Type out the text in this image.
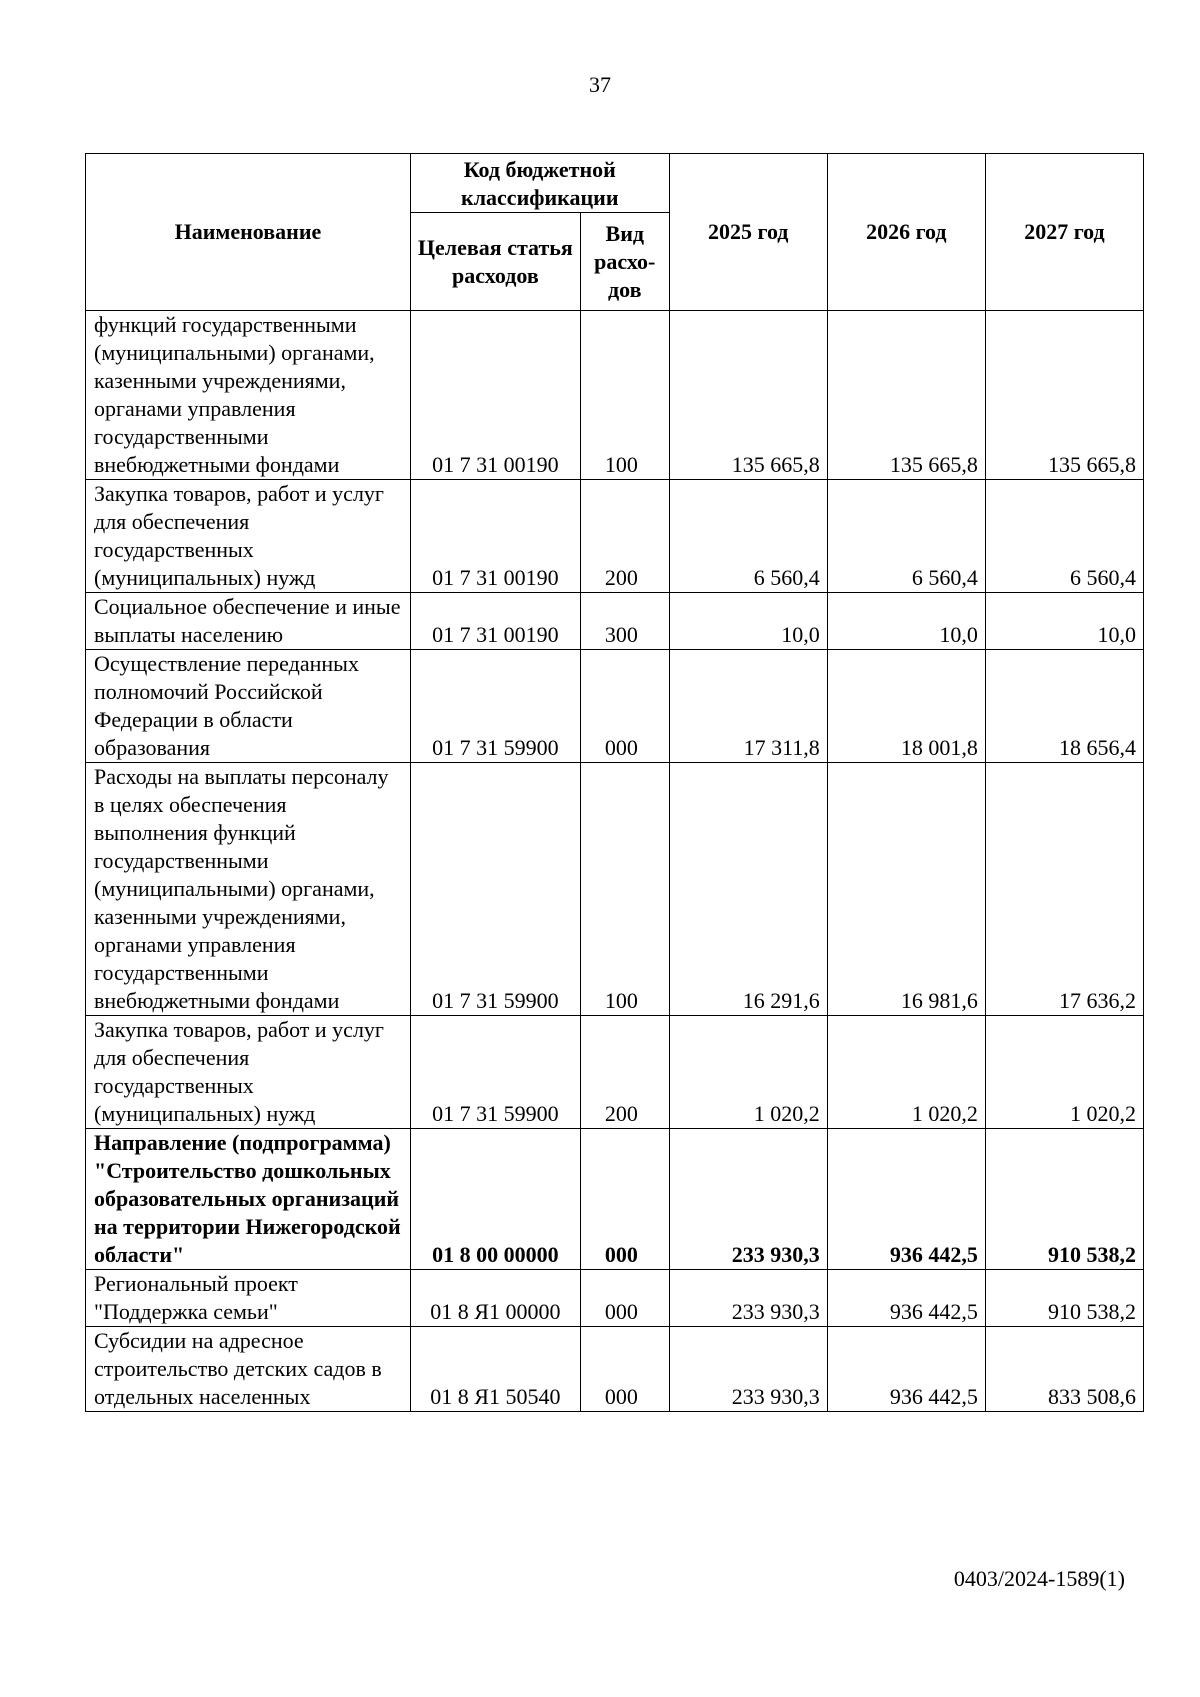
37
Наименование	Код бюджетной классификации		2025 год	2026 год	2027 год
	Целевая статья расходов	Вид расхо-дов			
функций государственными (муниципальными) органами, казенными учреждениями, органами управления государственными внебюджетными фондами	01 7 31 00190	100	135 665,8	135 665,8	135 665,8
Закупка товаров, работ и услуг для обеспечения государственных (муниципальных) нужд	01 7 31 00190	200	6 560,4	6 560,4	6 560,4
Социальное обеспечение и иные выплаты населению	01 7 31 00190	300	10,0	10,0	10,0
Осуществление переданных полномочий Российской Федерации в области образования	01 7 31 59900	000	17 311,8	18 001,8	18 656,4
Расходы на выплаты персоналу в целях обеспечения выполнения функций государственными (муниципальными) органами, казенными учреждениями, органами управления государственными внебюджетными фондами	01 7 31 59900	100	16 291,6	16 981,6	17 636,2
Закупка товаров, работ и услуг для обеспечения государственных (муниципальных) нужд	01 7 31 59900	200	1 020,2	1 020,2	1 020,2
Направление (подпрограмма) "Строительство дошкольных образовательных организаций на территории Нижегородской области"	01 8 00 00000	000	233 930,3	936 442,5	910 538,2
Региональный проект "Поддержка семьи"	01 8 Я1 00000	000	233 930,3	936 442,5	910 538,2
Субсидии на адресное строительство детских садов в отдельных населенных	01 8 Я1 50540	000	233 930,3	936 442,5	833 508,6
0403/2024-1589(1)
